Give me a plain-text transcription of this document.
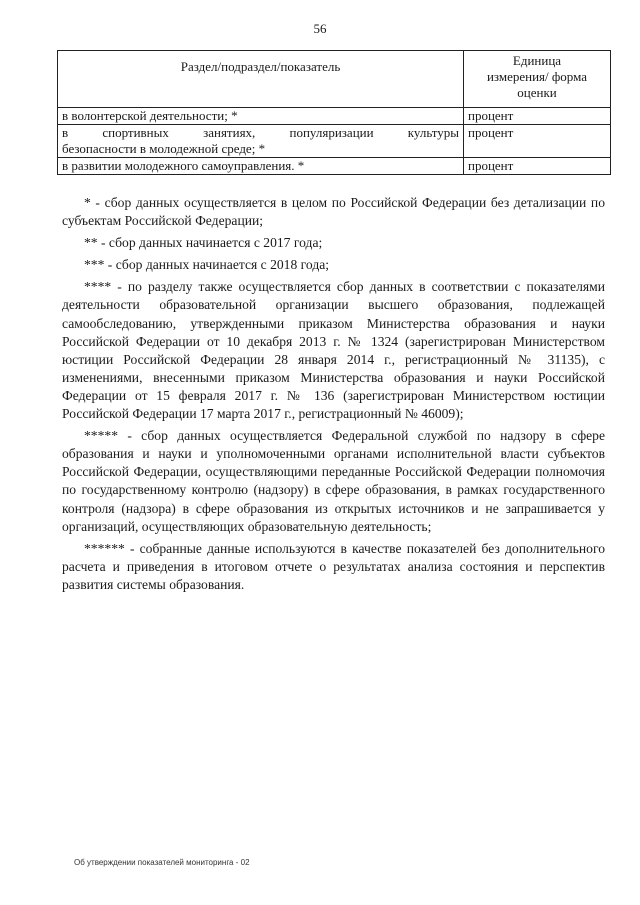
56
Раздел/подраздел/показатель	Единица
измерения/ форма
оценки

в волонтерской деятельности; *	процент

в спортивных занятиях, популяризации культуры
безопасности в молодежной среде; *	процент
в развитии молодежного самоуправления. *	процент

* - сбор данных осуществляется в целом по Российской Федерации без детализации по субъектам Российской Федерации;

** - сбор данных начинается с 2017 года;

*** - сбор данных начинается с 2018 года;

**** - по разделу также осуществляется сбор данных в соответствии с показателями деятельности образовательной организации высшего образования, подлежащей самообследованию, утвержденными приказом Министерства образования и науки Российской Федерации от 10 декабря 2013 г. № 1324 (зарегистрирован Министерством юстиции Российской Федерации 28 января 2014 г., регистрационный № 31135), с изменениями, внесенными приказом Министерства образования и науки Российской Федерации от 15 февраля 2017 г. № 136 (зарегистрирован Министерством юстиции Российской Федерации 17 марта 2017 г., регистрационный № 46009);

***** - сбор данных осуществляется Федеральной службой по надзору в сфере образования и науки и уполномоченными органами исполнительной власти субъектов Российской Федерации, осуществляющими переданные Российской Федерации полномочия по государственному контролю (надзору) в сфере образования, в рамках государственного контроля (надзора) в сфере образования из открытых источников и не запрашивается у организаций, осуществляющих образовательную деятельность;

****** - собранные данные используются в качестве показателей без дополнительного расчета и приведения в итоговом отчете о результатах анализа состояния и перспектив развития системы образования.

Об утверждении показателей мониторинга - 02
